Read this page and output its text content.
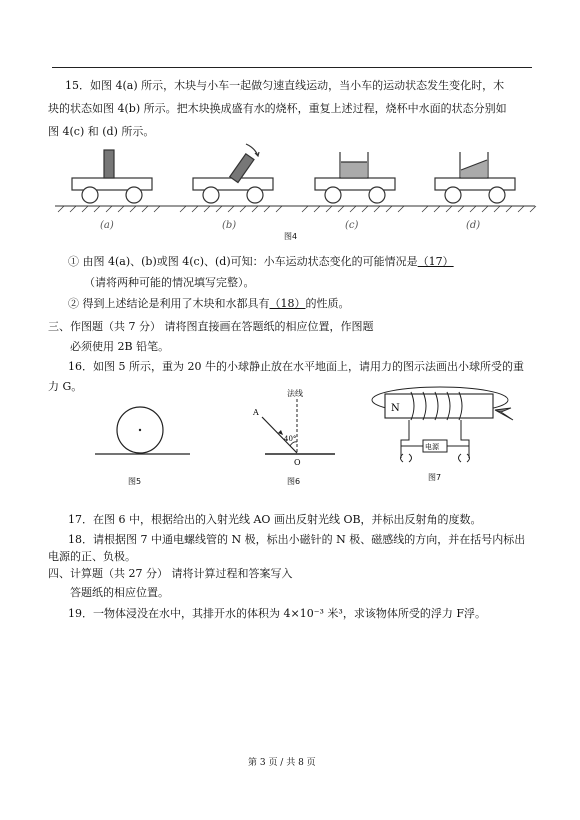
15．如图 4(a) 所示，木块与小车一起做匀速直线运动，当小车的运动状态发生变化时，木
块的状态如图 4(b) 所示。把木块换成盛有水的烧杯，重复上述过程，烧杯中水面的状态分别如
图 4(c) 和 (d) 所示。
(a)	(b)	(c)	(d)
图4
① 由图 4(a)、(b)或图 4(c)、(d)可知：小车运动状态变化的可能情况是（17）
（请将两种可能的情况填写完整）。
② 得到上述结论是利用了木块和水都具有（18）的性质。
三、作图题（共 7 分） 请将图直接画在答题纸的相应位置，作图题
必须使用 2B 铅笔。
16．如图 5 所示，重为 20 牛的小球静止放在水平地面上，请用力的图示法画出小球所受的重
力 G。
图5
法线
A
40°
O
图6
N
电源
图7
17．在图 6 中，根据给出的入射光线 AO 画出反射光线 OB，并标出反射角的度数。
18．请根据图 7 中通电螺线管的 N 极，标出小磁针的 N 极、磁感线的方向，并在括号内标出
电源的正、负极。
四、计算题（共 27 分） 请将计算过程和答案写入
答题纸的相应位置。
19．一物体浸没在水中，其排开水的体积为 4×10⁻³ 米³，求该物体所受的浮力 F浮。
第 3 页 / 共 8 页
